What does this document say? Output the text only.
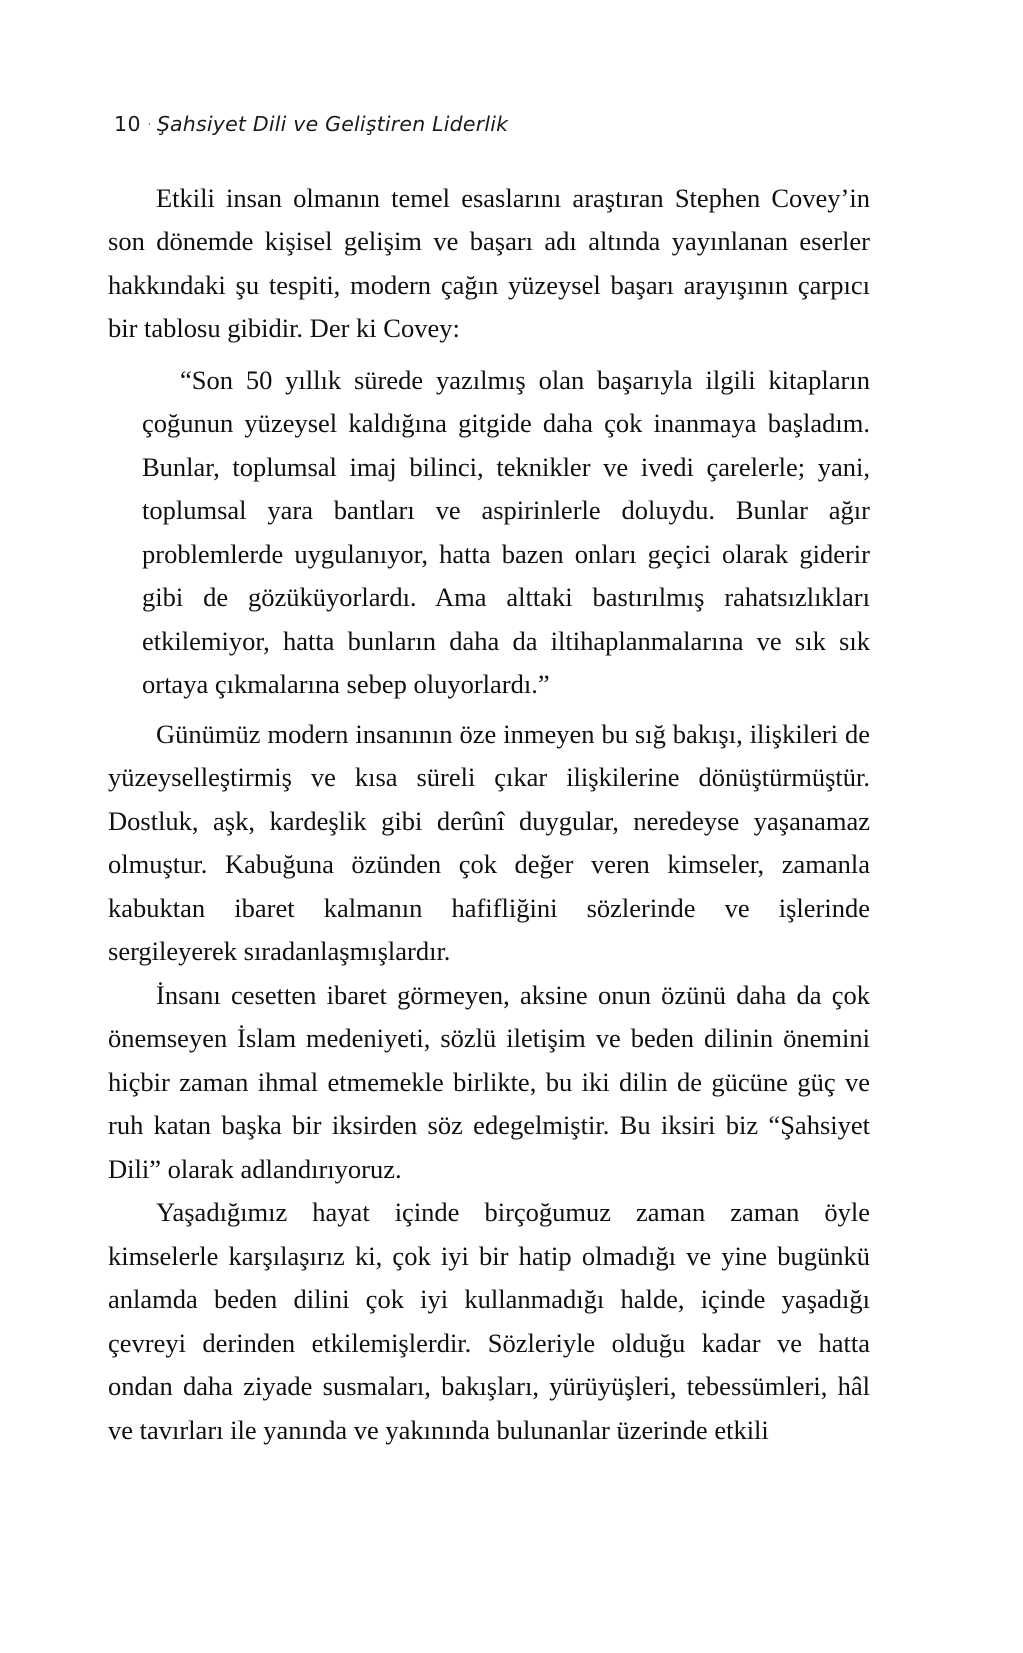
10 · Şahsiyet Dili ve Geliştiren Liderlik

Etkili insan olmanın temel esaslarını araştıran Stephen Covey’in son dönemde kişisel gelişim ve başarı adı altında yayınlanan eserler hakkındaki şu tespiti, modern çağın yüzeysel başarı arayışının çarpıcı bir tablosu gibidir. Der ki Covey:

“Son 50 yıllık sürede yazılmış olan başarıyla ilgili kitapların çoğunun yüzeysel kaldığına gitgide daha çok inanmaya başladım. Bunlar, toplumsal imaj bilinci, teknikler ve ivedi çarelerle; yani, toplumsal yara bantları ve aspirinlerle doluydu. Bunlar ağır problemlerde uygulanıyor, hatta bazen onları geçici olarak giderir gibi de gözüküyorlardı. Ama alttaki bastırılmış rahatsızlıkları etkilemiyor, hatta bunların daha da iltihaplanmalarına ve sık sık ortaya çıkmalarına sebep oluyorlardı.”

Günümüz modern insanının öze inmeyen bu sığ bakışı, ilişkileri de yüzeyselleştirmiş ve kısa süreli çıkar ilişkilerine dönüştürmüştür. Dostluk, aşk, kardeşlik gibi derûnî duygular, neredeyse yaşanamaz olmuştur. Kabuğuna özünden çok değer veren kimseler, zamanla kabuktan ibaret kalmanın hafifliğini sözlerinde ve işlerinde sergileyerek sıradanlaşmışlardır.

İnsanı cesetten ibaret görmeyen, aksine onun özünü daha da çok önemseyen İslam medeniyeti, sözlü iletişim ve beden dilinin önemini hiçbir zaman ihmal etmemekle birlikte, bu iki dilin de gücüne güç ve ruh katan başka bir iksirden söz edegelmiştir. Bu iksiri biz “Şahsiyet Dili” olarak adlandırıyoruz.

Yaşadığımız hayat içinde birçoğumuz zaman zaman öyle kimselerle karşılaşırız ki, çok iyi bir hatip olmadığı ve yine bugünkü anlamda beden dilini çok iyi kullanmadığı halde, içinde yaşadığı çevreyi derinden etkilemişlerdir. Sözleriyle olduğu kadar ve hatta ondan daha ziyade susmaları, bakışları, yürüyüşleri, tebessümleri, hâl ve tavırları ile yanında ve yakınında bulunanlar üzerinde etkili
